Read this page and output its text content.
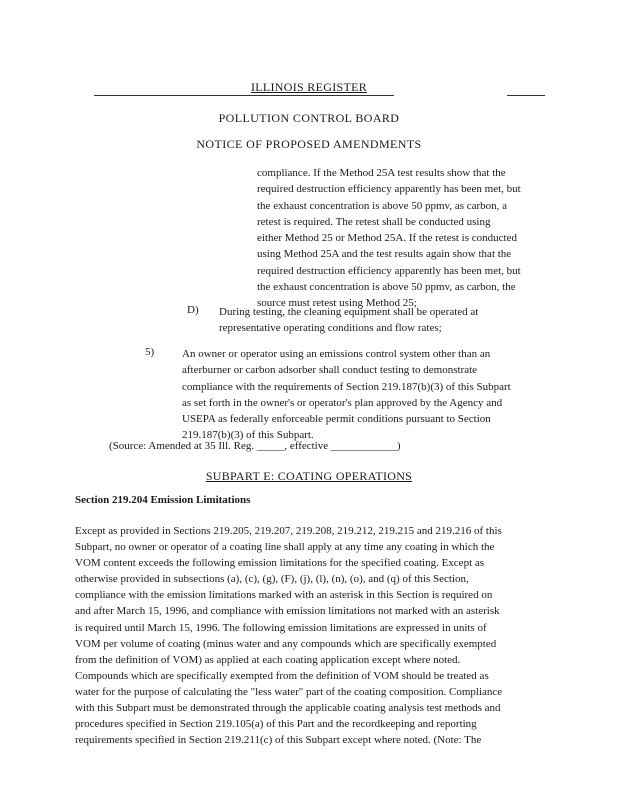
ILLINOIS REGISTER
POLLUTION CONTROL BOARD
NOTICE OF PROPOSED AMENDMENTS
compliance. If the Method 25A test results show that the
required destruction efficiency apparently has been met, but
the exhaust concentration is above 50 ppmv, as carbon, a
retest is required. The retest shall be conducted using
either Method 25 or Method 25A. If the retest is conducted
using Method 25A and the test results again show that the
required destruction efficiency apparently has been met, but
the exhaust concentration is above 50 ppmv, as carbon, the
source must retest using Method 25;
D) During testing, the cleaning equipment shall be operated at
representative operating conditions and flow rates;
5)	An owner or operator using an emissions control system other than an
afterburner or carbon adsorber shall conduct testing to demonstrate
compliance with the requirements of Section 219.187(b)(3) of this Subpart
as set forth in the owner's or operator's plan approved by the Agency and
USEPA as federally enforceable permit conditions pursuant to Section
219.187(b)(3) of this Subpart.
(Source: Amended at 35 Ill. Reg. _____, effective ____________)
SUBPART E: COATING OPERATIONS
Section 219.204 Emission Limitations
Except as provided in Sections 219.205, 219.207, 219.208, 219.212, 219.215 and 219.216 of this
Subpart, no owner or operator of a coating line shall apply at any time any coating in which the
VOM content exceeds the following emission limitations for the specified coating. Except as
otherwise provided in subsections (a), (c), (g), (F), (j), (l), (n), (o), and (q) of this Section,
compliance with the emission limitations marked with an asterisk in this Section is required on
and after March 15, 1996, and compliance with emission limitations not marked with an asterisk
is required until March 15, 1996. The following emission limitations are expressed in units of
VOM per volume of coating (minus water and any compounds which are specifically exempted
from the definition of VOM) as applied at each coating application except where noted.
Compounds which are specifically exempted from the definition of VOM should be treated as
water for the purpose of calculating the "less water" part of the coating composition. Compliance
with this Subpart must be demonstrated through the applicable coating analysis test methods and
procedures specified in Section 219.105(a) of this Part and the recordkeeping and reporting
requirements specified in Section 219.211(c) of this Subpart except where noted. (Note: The
